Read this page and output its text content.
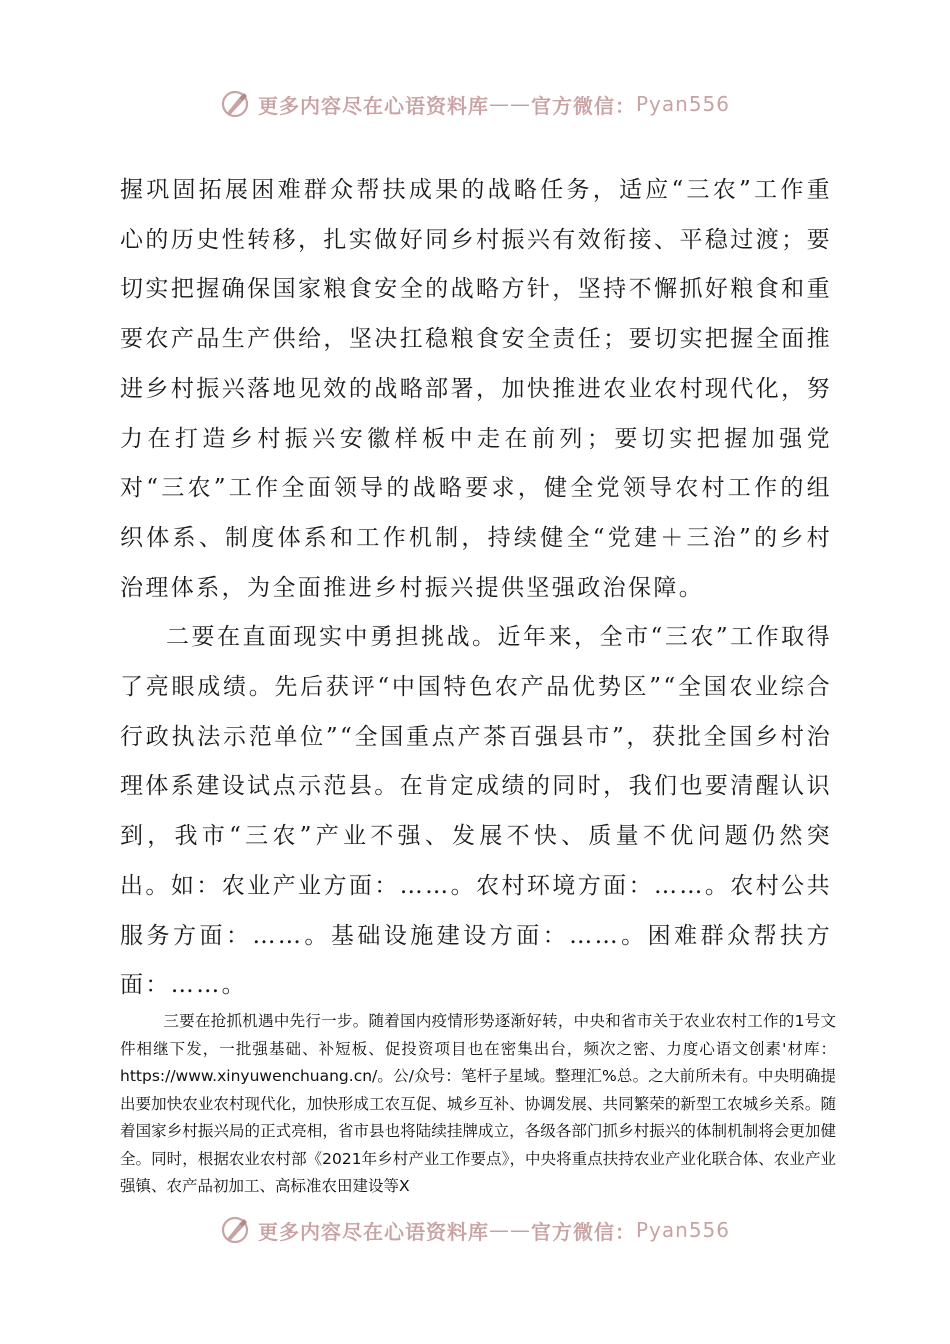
更多内容尽在心语资料库 —— 官方微信： Pyan556

握巩固拓展困难群众帮扶成果的战略任务，适应“三农”工作重心的历史性转移，扎实做好同乡村振兴有效衔接、平稳过渡；要切实把握确保国家粮食安全的战略方针，坚持不懈抓好粮食和重要农产品生产供给，坚决扛稳粮食安全责任；要切实把握全面推进乡村振兴落地见效的战略部署，加快推进农业农村现代化，努力在打造乡村振兴安徽样板中走在前列；要切实把握加强党对“三农”工作全面领导的战略要求，健全党领导农村工作的组织体系、制度体系和工作机制，持续健全“党建＋三治”的乡村治理体系，为全面推进乡村振兴提供坚强政治保障。

二要在直面现实中勇担挑战。近年来，全市“三农”工作取得了亮眼成绩。先后获评“中国特色农产品优势区”“全国农业综合行政执法示范单位”“全国重点产茶百强县市”，获批全国乡村治理体系建设试点示范县。在肯定成绩的同时，我们也要清醒认识到，我市“三农”产业不强、发展不快、质量不优问题仍然突出。如：农业产业方面：……。农村环境方面：……。农村公共服务方面：……。基础设施建设方面：……。困难群众帮扶方面：……。

三要在抢抓机遇中先行一步。随着国内疫情形势逐渐好转，中央和省市关于农业农村工作的1号文件相继下发，一批强基础、补短板、促投资项目也在密集出台，频次之密、力度心语文创素'材库：https://www.xinyuwenchuang.cn/。公/众号：笔杆子星域。整理汇%总。之大前所未有。中央明确提出要加快农业农村现代化，加快形成工农互促、城乡互补、协调发展、共同繁荣的新型工农城乡关系。随着国家乡村振兴局的正式亮相，省市县也将陆续挂牌成立，各级各部门抓乡村振兴的体制机制将会更加健全。同时，根据农业农村部《2021年乡村产业工作要点》，中央将重点扶持农业产业化联合体、农业产业强镇、农产品初加工、高标准农田建设等X

更多内容尽在心语资料库 —— 官方微信： Pyan556
